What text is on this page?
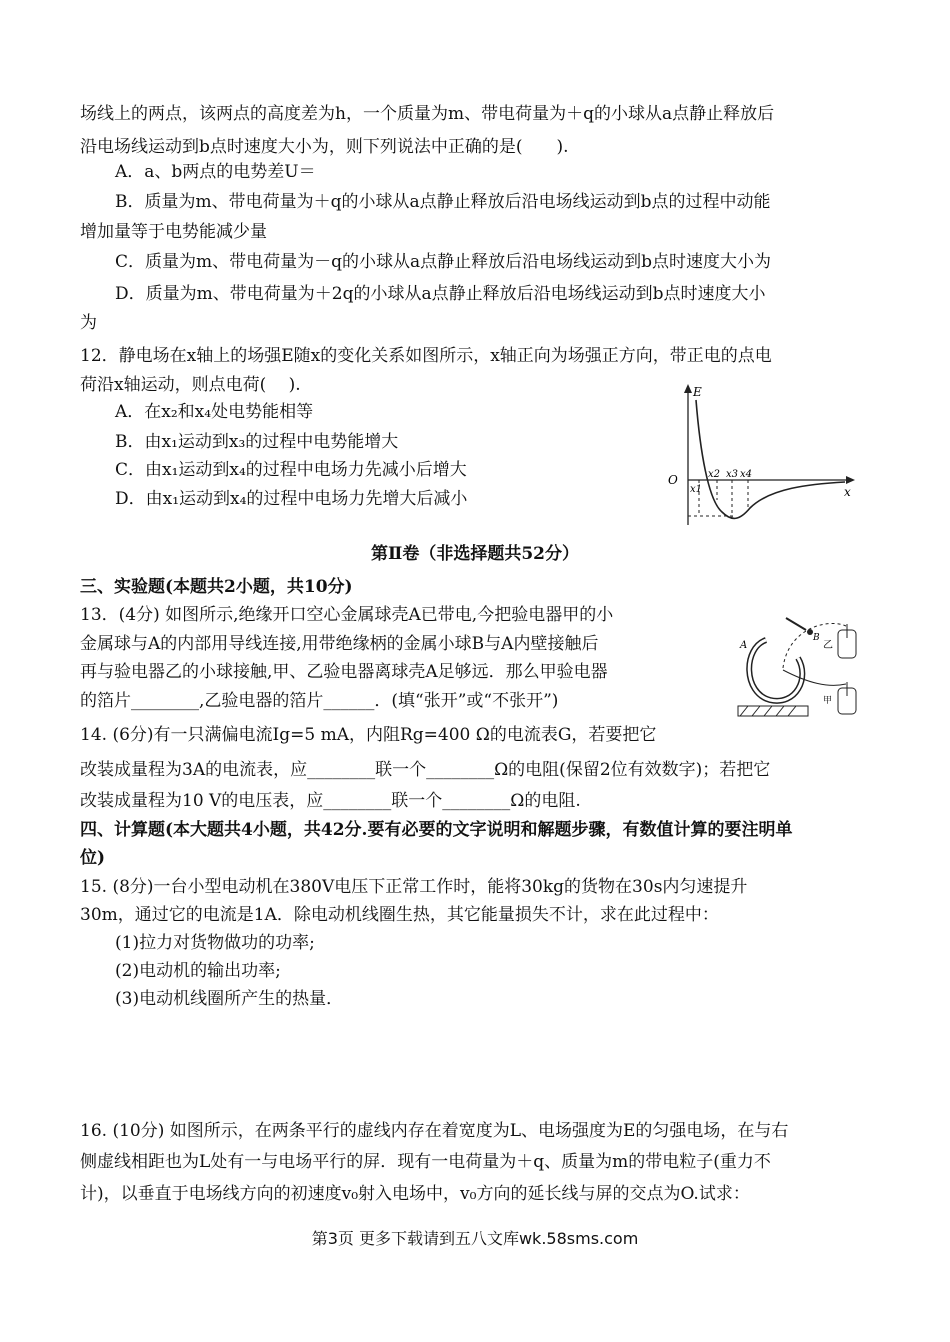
场线上的两点，该两点的高度差为h，一个质量为m、带电荷量为＋q的小球从a点静止释放后
沿电场线运动到b点时速度大小为，则下列说法中正确的是(　　).
A．a、b两点的电势差U＝
B．质量为m、带电荷量为＋q的小球从a点静止释放后沿电场线运动到b点的过程中动能
增加量等于电势能减少量
C．质量为m、带电荷量为－q的小球从a点静止释放后沿电场线运动到b点时速度大小为
D．质量为m、带电荷量为＋2q的小球从a点静止释放后沿电场线运动到b点时速度大小
为
12．静电场在x轴上的场强E随x的变化关系如图所示，x轴正向为场强正方向，带正电的点电
荷沿x轴运动，则点电荷(　 ).
A．在x₂和x₄处电势能相等
B．由x₁运动到x₃的过程中电势能增大
C．由x₁运动到x₄的过程中电场力先减小后增大
D．由x₁运动到x₄的过程中电场力先增大后减小
E
O
x
x1
x2 x3 x4
第Ⅱ卷（非选择题共52分）
三、实验题(本题共2小题，共10分)
13．(4分) 如图所示,绝缘开口空心金属球壳A已带电,今把验电器甲的小
金属球与A的内部用导线连接,用带绝缘柄的金属小球B与A内壁接触后
再与验电器乙的小球接触,甲、乙验电器离球壳A足够远．那么甲验电器
的箔片________,乙验电器的箔片______．(填“张开”或“不张开”)
A
B
乙
甲
14. (6分)有一只满偏电流Ig=5 mA，内阻Rg=400 Ω的电流表G，若要把它
改装成量程为3A的电流表，应________联一个________Ω的电阻(保留2位有效数字)；若把它
改装成量程为10 V的电压表，应________联一个________Ω的电阻.
四、计算题(本大题共4小题，共42分.要有必要的文字说明和解题步骤，有数值计算的要注明单
位)
15. (8分)一台小型电动机在380V电压下正常工作时，能将30kg的货物在30s内匀速提升
30m，通过它的电流是1A．除电动机线圈生热，其它能量损失不计，求在此过程中：
(1)拉力对货物做功的功率;
(2)电动机的输出功率;
(3)电动机线圈所产生的热量．
16. (10分) 如图所示，在两条平行的虚线内存在着宽度为L、电场强度为E的匀强电场，在与右
侧虚线相距也为L处有一与电场平行的屏．现有一电荷量为＋q、质量为m的带电粒子(重力不
计)，以垂直于电场线方向的初速度v₀射入电场中，v₀方向的延长线与屏的交点为O.试求：
第3页 更多下载请到五八文库wk.58sms.com
